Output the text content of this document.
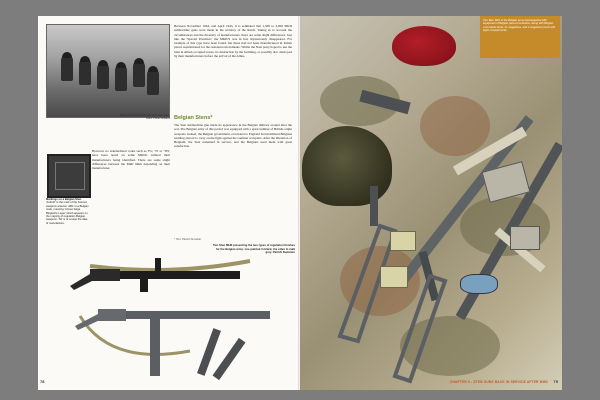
Belgian brigade troops with their Sten guns, 1944. Photo Delvaux
Between November 1944, and April 1945, it is estimated that 1,500 to 3,000 MKII submachine guns were made in the territory of the Reich. Taking in to account the circumstances and the diversity of manufacturers, there are some slight differences. Just like the 'Special Priorities,' the MKII/S was in less mysteriously disappeared. For example of this type have been found, but these had not been manufactured in Italian places requisitioned for the resistance movements. Whilst the Nazi party hoped to use the Sten in Allied-occupied zones, its destruction by the bombing, or possibly also destroyed by their manufacturers before the arrival of the Allies.
Belgian Stens*
The Sten submachine gun made its appearance in the Belgian military around after the war. The Belgian army of this period was equipped with a great number of British-origin weapons. Indeed, the Belgian government, evacuated to England had mobilized Belgians residing abroad to carry on the fight against the German occupiers. After the liberation of Belgium, the Sten remained in service, and the Belgians used them with great satisfaction.
However no standardized codes such as 'Fa', 'Ti' or 'TH,' have been noted on some MKIII, without their manufacturers being identified. There are some slight differences between the MkII 9mm depending on their manufacturer.
* Text: Patrick Dumetier
Markings on a Belgian Sten. 'Andorb' is the mark of the Fécourt weapons arsenal. 'ABL' is a Belgian mark, meaning 'Armee belge Belgische Leger' which appears on the majority of regulation Belgian weapons. 'S2' is of course the date of manufacture.
Two Sten MkIII presenting the two types of regulation finishes for the Belgian army: one painted in black, the other in matt grey. Patrick Dumetier
78
Two Sten MkII of the Belgian army photographed with equipment of Belgian para-commandos, along with Belgian commando beret, its magazines, and a magazine pouch with eight compartments.
CHAPTER 9 - STEN GUNS BACK IN SERVICE AFTER WW2 79
